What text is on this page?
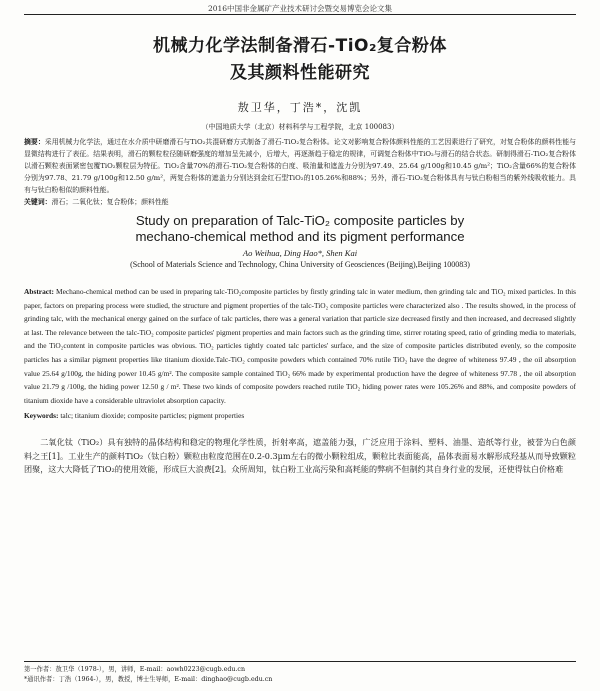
2016中国非金属矿产业技术研讨会暨交易博览会论文集
机械力化学法制备滑石-TiO₂复合粉体
及其颜料性能研究
敖卫华，丁浩*，沈凯
（中国地质大学（北京）材料科学与工程学院，北京 100083）
摘要：采用机械力化学法，通过在水介质中研磨滑石与TiO₂共混研磨方式制备了滑石-TiO₂复合粉体。论文对影响复合粉体颜料性能的工艺因素进行了研究，对复合粉体的颜料性能与显微结构进行了表征。结果表明，滑石的颗粒粒径随研磨强度的增加呈先减小，后增大，再逐渐趋于稳定的规律，可调复合粉体中TiO₂与滑石的结合状态。研制得滑石-TiO₂复合粉体以滑石颗粒表面紧密包覆TiO₂颗粒层为特征。TiO₂含量70%的滑石-TiO₂复合粉体的白度、吸油量和遮盖力分别为97.49、25.64 g/100g和10.45 g/m²；TiO₂含量66%的复合粉体分别为97.78、21.79 g/100g和12.50 g/m²，两复合粉体的遮盖力分别达到金红石型TiO₂的105.26%和88%；另外，滑石-TiO₂复合粉体具有与钛白粉相当的紫外线吸收能力。具有与钛白粉相似的颜料性能。
关键词：滑石；二氧化钛；复合粉体；颜料性能
Study on preparation of Talc-TiO₂ composite particles by mechano-chemical method and its pigment performance
Ao Weihua, Ding Hao*, Shen Kai
(School of Materials Science and Technology, China University of Geosciences (Beijing),Beijing 100083)
Abstract: Mechano-chemical method can be used in preparing talc-TiO₂composite particles by firstly grinding talc in water medium, then grinding talc and TiO₂ mixed particles. In this paper, factors on preparing process were studied, the structure and pigment properties of the talc-TiO₂ composite particles were characterized also . The results showed, in the process of grinding talc, with the mechanical energy gained on the surface of talc particles, there was a general variation that particle size decreased firstly and then increased, and decreased slightly at last. The relevance between the talc-TiO₂ composite particles' pigment properties and main factors such as the grinding time, stirrer rotating speed, ratio of grinding media to materials, and the TiO₂content in composite particles was obvious. TiO₂ particles tightly coated talc particles' surface, and the size of composite particles distributed evenly, so the composite particles has a similar pigment properties like titanium dioxide.Talc-TiO₂ composite powders which contained 70% rutile TiO₂ have the degree of whiteness 97.49 , the oil absorption value 25.64 g/100g, the hiding power 10.45 g/m². The composite sample contained TiO₂ 66% made by experimental production have the degree of whiteness 97.78 , the oil absorption value 21.79 g /100g, the hiding power 12.50 g / m². These two kinds of composite powders reached rutile TiO₂ hiding power rates were 105.26% and 88%, and composite powders of titanium dioxide have a considerable ultraviolet absorption capacity.
Keywords: talc; titanium dioxide; composite particles; pigment properties
二氧化钛（TiO₂）具有独特的晶体结构和稳定的物理化学性质，折射率高，遮盖能力强，广泛应用于涂料、塑料、油墨、造纸等行业，被誉为白色颜料之王[1]。工业生产的颜料TiO₂（钛白粉）颗粒由粒度范围在0.2-0.3μm左右的微小颗粒组成，颗粒比表面能高，晶体表面易水解形成羟基从而导致颗粒团聚，这大大降低了TiO₂的使用效能，形成巨大浪费[2]。众所周知，钛白粉工业高污染和高耗能的弊病不但制约其自身行业的发展，还使得钛白价格难
第一作者：敖卫华（1978-），男，讲师，E-mail：aowh0223@cugb.edu.cn
*通讯作者：丁浩（1964-），男，教授，博士生导师，E-mail：dinghao@cugb.edu.cn
